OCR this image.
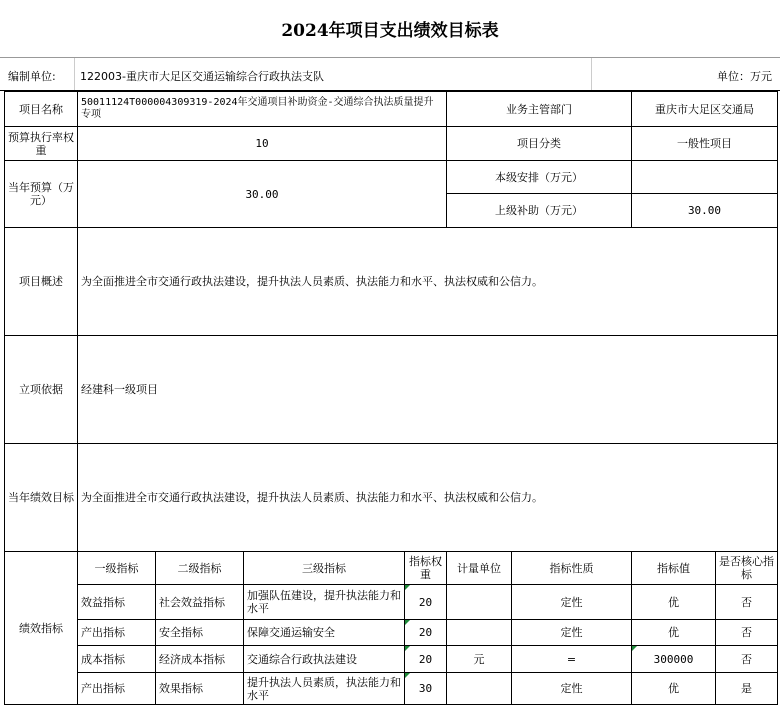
2024年项目支出绩效目标表
编制单位: 122003-重庆市大足区交通运输综合行政执法支队	单位：万元
项目名称	50011124T000004309319-2024年交通项目补助资金-交通综合执法质量提升专项				业务主管部门		重庆市大足区交通局	
预算执行率权重	10				项目分类		一般性项目	
当年预算（万元）	30.00				本级安排（万元）			
					上级补助（万元）		30.00	
项目概述	为全面推进全市交通行政执法建设，提升执法人员素质、执法能力和水平、执法权威和公信力。							
立项依据	经建科一级项目							
当年绩效目标	为全面推进全市交通行政执法建设，提升执法人员素质、执法能力和水平、执法权威和公信力。							
绩效指标	一级指标	二级指标	三级指标	指标权重	计量单位	指标性质	指标值	是否核心指标
	效益指标	社会效益指标	加强队伍建设，提升执法能力和水平	20		定性	优	否
	产出指标	安全指标	保障交通运输安全	20		定性	优	否
	成本指标	经济成本指标	交通综合行政执法建设	20	元	=	300000	否
	产出指标	效果指标	提升执法人员素质，执法能力和水平	30		定性	优	是
